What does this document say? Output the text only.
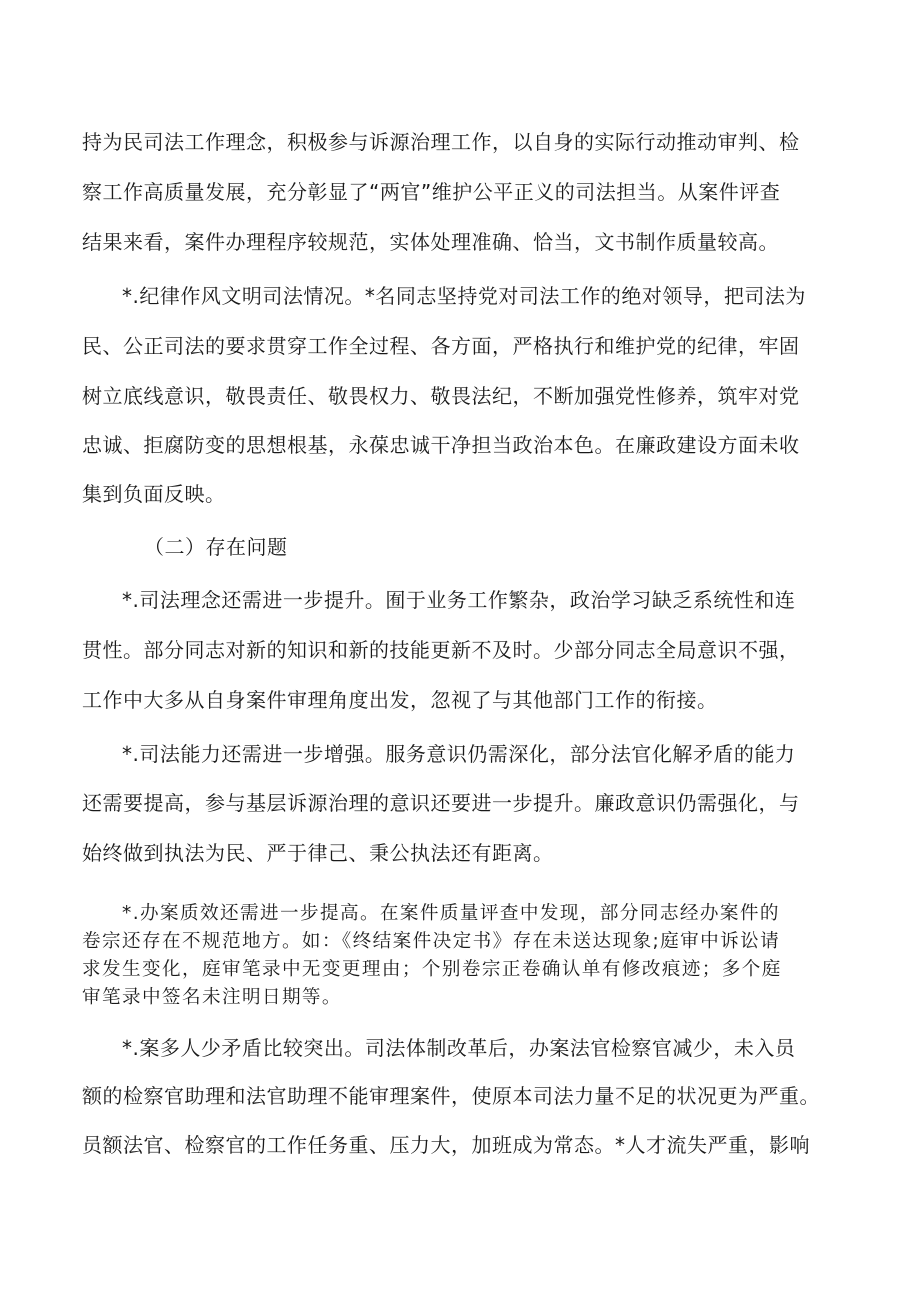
持为民司法工作理念，积极参与诉源治理工作，以自身的实际行动推动审判、检
察工作高质量发展，充分彰显了“两官”维护公平正义的司法担当。从案件评查
结果来看，案件办理程序较规范，实体处理准确、恰当，文书制作质量较高。
*.纪律作风文明司法情况。*名同志坚持党对司法工作的绝对领导，把司法为
民、公正司法的要求贯穿工作全过程、各方面，严格执行和维护党的纪律，牢固
树立底线意识，敬畏责任、敬畏权力、敬畏法纪，不断加强党性修养，筑牢对党
忠诚、拒腐防变的思想根基，永葆忠诚干净担当政治本色。在廉政建设方面未收
集到负面反映。
（二）存在问题
*.司法理念还需进一步提升。囿于业务工作繁杂，政治学习缺乏系统性和连
贯性。部分同志对新的知识和新的技能更新不及时。少部分同志全局意识不强，
工作中大多从自身案件审理角度出发，忽视了与其他部门工作的衔接。
*.司法能力还需进一步增强。服务意识仍需深化，部分法官化解矛盾的能力
还需要提高，参与基层诉源治理的意识还要进一步提升。廉政意识仍需强化，与
始终做到执法为民、严于律己、秉公执法还有距离。
*.办案质效还需进一步提高。在案件质量评查中发现，部分同志经办案件的
卷宗还存在不规范地方。如：《终结案件决定书》存在未送达现象;庭审中诉讼请
求发生变化，庭审笔录中无变更理由；个别卷宗正卷确认单有修改痕迹；多个庭
审笔录中签名未注明日期等。
*.案多人少矛盾比较突出。司法体制改革后，办案法官检察官减少，未入员
额的检察官助理和法官助理不能审理案件，使原本司法力量不足的状况更为严重。
员额法官、检察官的工作任务重、压力大，加班成为常态。*人才流失严重，影响
